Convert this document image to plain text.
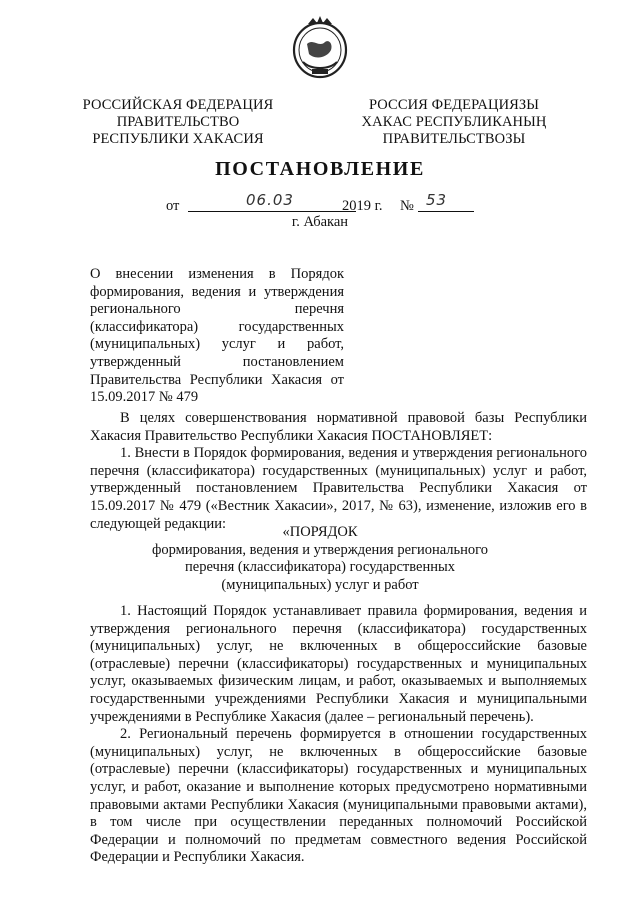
РОССИЙСКАЯ ФЕДЕРАЦИЯ
ПРАВИТЕЛЬСТВО
РЕСПУБЛИКИ ХАКАСИЯ
РОССИЯ ФЕДЕРАЦИЯЗЫ
ХАКАС РЕСПУБЛИКАНЫҢ
ПРАВИТЕЛЬСТВОЗЫ
ПОСТАНОВЛЕНИЕ
от	06.03	2019 г. № 53
г. Абакан
О внесении изменения в Порядок формирования, ведения и утверждения регионального перечня (классификатора) государственных (муниципальных) услуг и работ, утвержденный постановлением Правительства Республики Хакасия от 15.09.2017 № 479

В целях совершенствования нормативной правовой базы Республики Хакасия Правительство Республики Хакасия ПОСТАНОВЛЯЕТ:

1. Внести в Порядок формирования, ведения и утверждения регионального перечня (классификатора) государственных (муниципальных) услуг и работ, утвержденный постановлением Правительства Республики Хакасия от 15.09.2017 № 479 («Вестник Хакасии», 2017, № 63), изменение, изложив его в следующей редакции:

«ПОРЯДОК
формирования, ведения и утверждения регионального
перечня (классификатора) государственных
(муниципальных) услуг и работ

1. Настоящий Порядок устанавливает правила формирования, ведения и утверждения регионального перечня (классификатора) государственных (муниципальных) услуг, не включенных в общероссийские базовые (отраслевые) перечни (классификаторы) государственных и муниципальных услуг, оказываемых физическим лицам, и работ, оказываемых и выполняемых государственными учреждениями Республики Хакасия и муниципальными учреждениями в Республике Хакасия (далее – региональный перечень).

2. Региональный перечень формируется в отношении государственных (муниципальных) услуг, не включенных в общероссийские базовые (отраслевые) перечни (классификаторы) государственных и муниципальных услуг, и работ, оказание и выполнение которых предусмотрено нормативными правовыми актами Республики Хакасия (муниципальными правовыми актами), в том числе при осуществлении переданных полномочий Российской Федерации и полномочий по предметам совместного ведения Российской Федерации и Республики Хакасия.
